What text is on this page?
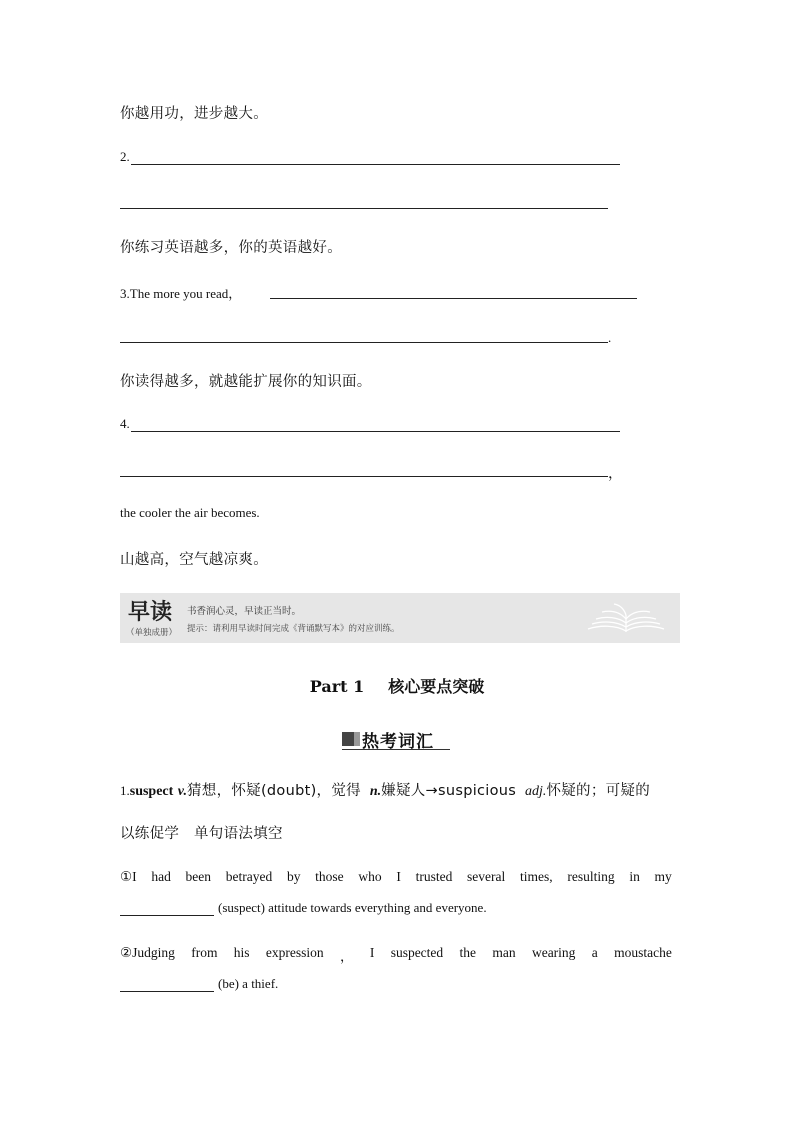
你越用功，进步越大。
2.
你练习英语越多，你的英语越好。
3.The more you read，
.
你读得越多，就越能扩展你的知识面。
4.
，
the cooler the air becomes.
山越高，空气越凉爽。
早读
（单独成册）
书香润心灵，早读正当时。
提示：请利用早读时间完成《背诵默写本》的对应训练。
Part 1 核心要点突破
热考词汇
1.suspect v.猜想，怀疑(doubt)，觉得 n.嫌疑人→suspicious adj.怀疑的；可疑的
以练促学　单句语法填空
①I had been betrayed by those who I trusted several times, resulting in my
(suspect) attitude towards everything and everyone.
②Judging from his expression ， I suspected the man wearing a moustache
(be) a thief.
